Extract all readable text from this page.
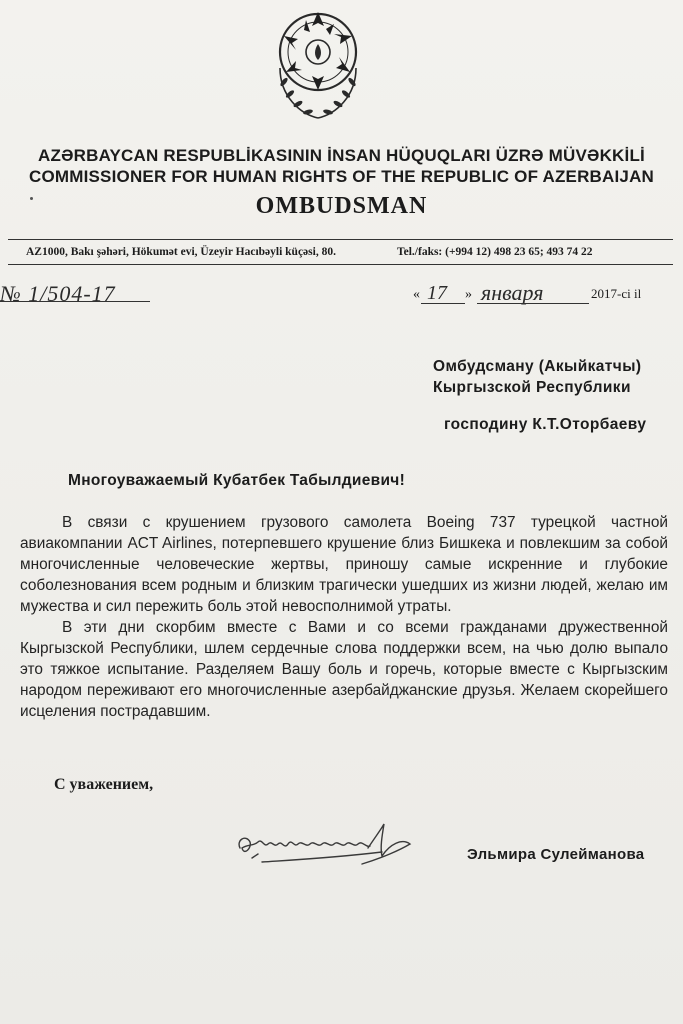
AZƏRBAYCAN RESPUBLİKASININ İNSAN HÜQUQLARI ÜZRƏ MÜVƏKKİLİ
COMMISSIONER FOR HUMAN RIGHTS OF THE REPUBLIC OF AZERBAIJAN
OMBUDSMAN
AZ1000, Bakı şəhəri, Hökumət evi, Üzeyir Hacıbəyli küçəsi, 80.	Tel./faks: (+994 12) 498 23 65; 493 74 22
№ 1/504-17	« 17 » января	2017-ci il
Омбудсману (Акыйкатчы)
Кыргызской Республики
господину К.Т.Оторбаеву
Многоуважаемый Кубатбек Табылдиевич!

В связи с крушением грузового самолета Boeing 737 турецкой частной авиакомпании ACT Airlines, потерпевшего крушение близ Бишкека и повлекшим за собой многочисленные человеческие жертвы, приношу самые искренние и глубокие соболезнования всем родным и близким трагически ушедших из жизни людей, желаю им мужества и сил пережить боль этой невосполнимой утраты.

В эти дни скорбим вместе с Вами и со всеми гражданами дружественной Кыргызской Республики, шлем сердечные слова поддержки всем, на чью долю выпало это тяжкое испытание. Разделяем Вашу боль и горечь, которые вместе с Кыргызским народом переживают его многочисленные азербайджанские друзья. Желаем скорейшего исцеления пострадавшим.

С уважением,
Эльмира Сулейманова
